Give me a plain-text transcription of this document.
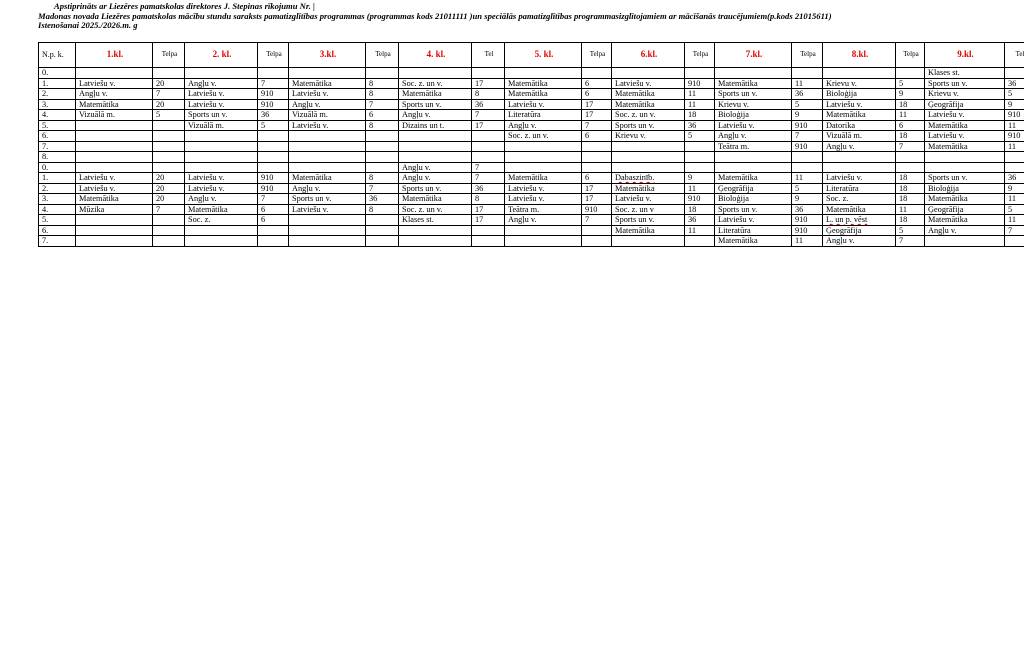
Apstiprināts ar Liezēres pamatskolas direktores J. Stepinas rīkojumu Nr. |
Madonas novada Liezēres pamatskolas mācību stundu saraksts pamatizglītības programmas (programmas kods 21011111 )un speciālās pamatizglītības programmasizglītojamiem ar mācīšanās traucējumiem(p.kods 21015611)
Istenošanai 2025./2026.m. g
N.p. k.	1.kl.	Telpa	2. kl.	Telpa	3.kl.	Telpa	4. kl.	Tel	5. kl.	Telpa	6.kl.	Telpa	7.kl.	Telpa	8.kl.	Telpa	9.kl.	Tel
0.																	Klases st.	
1.	Latviešu v.	20	Angļu v.	7	Matemātika	8	Soc. z. un v.	17	Matemātika	6	Latviešu v.	910	Matemātika	11	Krievu v.	5	Sports un v.	36
2.	Angļu v.	7	Latviešu v.	910	Latviešu v.	8	Matemātika	8	Matemātika	6	Matemātika	11	Sports un v.	36	Bioloģija	9	Krievu v.	5
3.	Matemātika	20	Latviešu v.	910	Angļu v.	7	Sports un v.	36	Latviešu v.	17	Matemātika	11	Krievu v.	5	Latviešu v.	18	Ģeogrāfija	9
4.	Vizuālā m.	5	Sports un v.	36	Vizuālā m.	6	Angļu v.	7	Literatūra	17	Soc. z. un v.	18	Bioloģija	9	Matemātika	11	Latviešu v.	910
5.			Vizuālā m.	5	Latviešu v.	8	Dizains un t.	17	Angļu v.	7	Sports un v.	36	Latviešu v.	910	Datorika	6	Matemātika	11
6.									Soc. z. un v.	6	Krievu v.	5	Angļu v.	7	Vizuālā m.	18	Latviešu v.	910
7.													Teātra m.	910	Angļu v.	7	Matemātika	11
8.																		
0.							Angļu v.	7										
1.	Latviešu v.	20	Latviešu v.	910	Matemātika	8	Angļu v.	7	Matemātika	6	Dabaszinīb.	9	Matemātika	11	Latviešu v.	18	Sports un v.	36
2.	Latviešu v.	20	Latviešu v.	910	Angļu v.	7	Sports un v.	36	Latviešu v.	17	Matemātika	11	Ģeogrāfija	5	Literatūra	18	Bioloģija	9
3.	Matemātika	20	Angļu v.	7	Sports un v.	36	Matemātika	8	Latviešu v.	17	Latviešu v.	910	Bioloģija	9	Soc. z.	18	Matemātika	11
4.	Mūzika	7	Matemātika	6	Latviešu v.	8	Soc. z. un v.	17	Teātra m.	910	Soc. z. un v	18	Sports un v.	36	Matemātika	11	Ģeogrāfija	5
5.			Soc. z.	6			Klases st.	17	Angļu v.	7	Sports un v.	36	Latviešu v.	910	L. un p. vēst	18	Matemātika	11
6.											Matemātika	11	Literatūra	910	Ģeogrāfija	5	Angļu v.	7
7.													Matemātika	11	Angļu v.	7		
